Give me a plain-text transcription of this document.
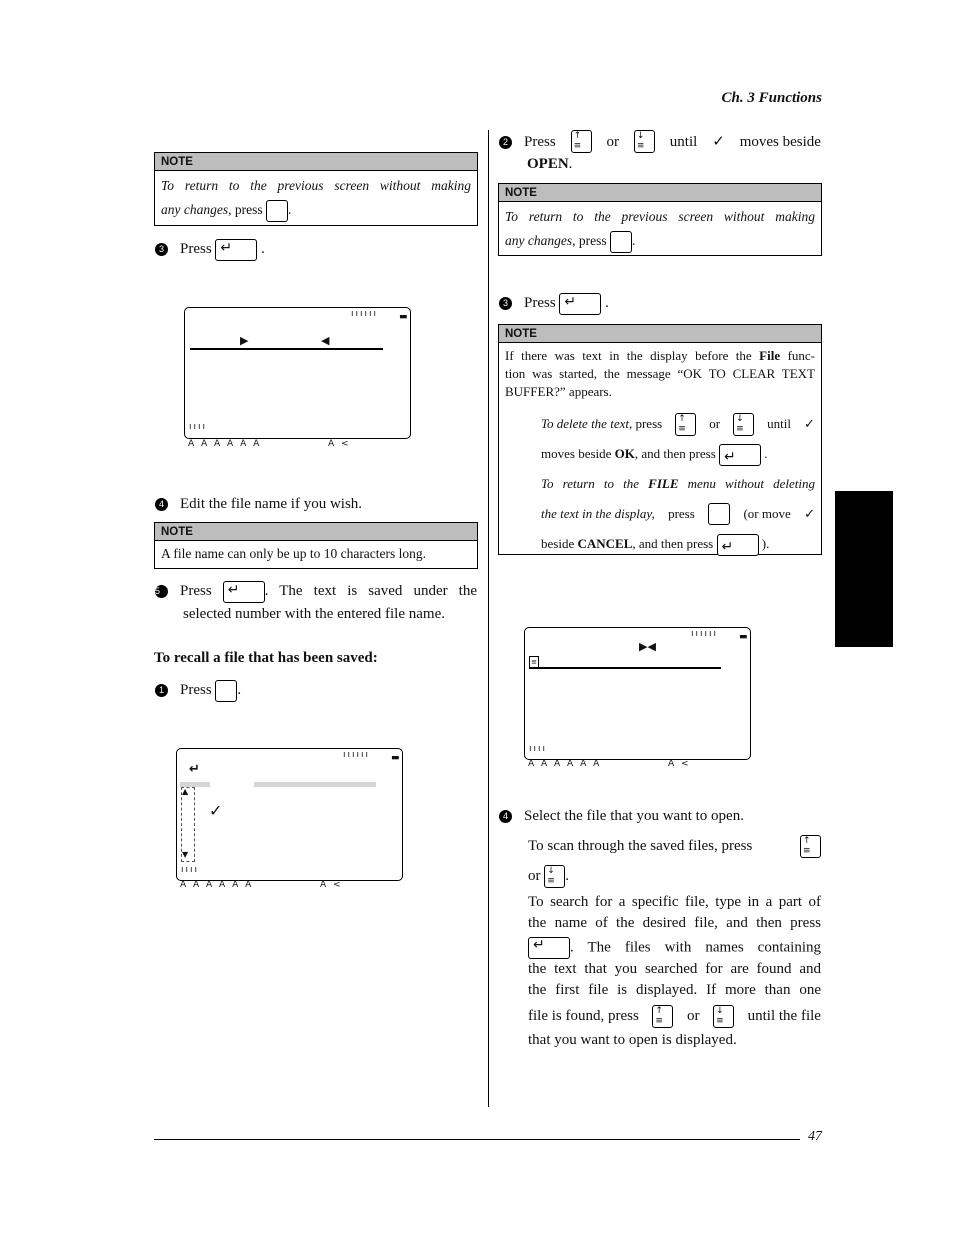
Ch. 3 Functions
47
NOTE

To return to the previous screen without making

any changes, press .

3 Press ↵	.
ıııııı ▬
▶	◀
ıııı
A A A A A A	A <
4 Edit the file name if you wish.
NOTE

A file name can only be up to 10 characters long.

5 Press ↵	. The text is saved under the
selected number with the entered file name.
To recall a file that has been saved:
1 Press .
ıııııı ▬
↵
▲
▼
✓
ıııı
A A A A A A	A <
2 Press ↑
≡ or ↓
≡ until ✓ moves beside
OPEN.
NOTE

To return to the previous screen without making

any changes, press .

3 Press ↵	.
NOTE

If there was text in the display before the File func-

tion was started, the message “OK TO CLEAR TEXT

BUFFER?” appears.

To delete the text, press ↑
≡ or ↓
≡ until ✓

moves beside OK, and then press ↵	.

To return to the FILE menu without deleting

the text in the display, press	(or move ✓

beside CANCEL, and then press ↵	).

ıııııı ▬
▶◀
≡
ıııı
A A A A A A	A <
4 Select the file that you want to open.
To scan through the saved files, press	↑
≡
or ↓
≡ .
To search for a specific file, type in a part of
the name of the desired file, and then press
↵. The files with names containing
the text that you searched for are found and
the first file is displayed. If more than one
file is found, press ↑
≡ or ↓
≡ until the file
that you want to open is displayed.
